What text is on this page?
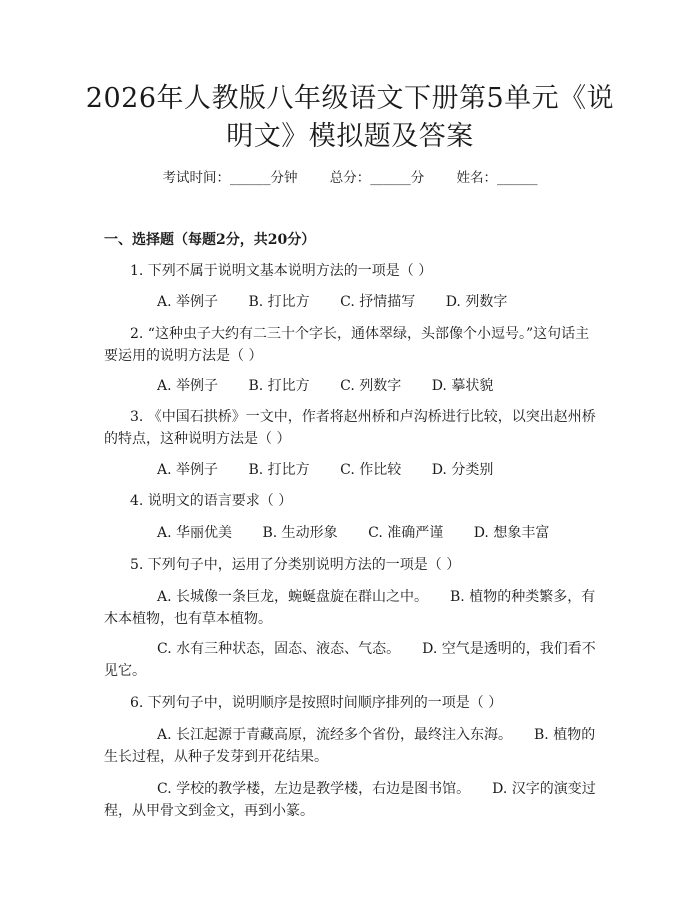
2026年人教版八年级语文下册第5单元《说明文》模拟题及答案
考试时间：______分钟 总分：______分 姓名：______
一、选择题（每题2分，共20分）
1. 下列不属于说明文基本说明方法的一项是（ ）
A. 举例子 B. 打比方 C. 抒情描写 D. 列数字
2. “这种虫子大约有二三十个字长，通体翠绿，头部像个小逗号。”这句话主要运用的说明方法是（ ）
A. 举例子 B. 打比方 C. 列数字 D. 摹状貌
3. 《中国石拱桥》一文中，作者将赵州桥和卢沟桥进行比较，以突出赵州桥的特点，这种说明方法是（ ）
A. 举例子 B. 打比方 C. 作比较 D. 分类别
4. 说明文的语言要求（ ）
A. 华丽优美 B. 生动形象 C. 准确严谨 D. 想象丰富
5. 下列句子中，运用了分类别说明方法的一项是（ ）
A. 长城像一条巨龙，蜿蜒盘旋在群山之中。 B. 植物的种类繁多，有木本植物，也有草本植物。
C. 水有三种状态，固态、液态、气态。 D. 空气是透明的，我们看不见它。
6. 下列句子中，说明顺序是按照时间顺序排列的一项是（ ）
A. 长江起源于青藏高原，流经多个省份，最终注入东海。 B. 植物的生长过程，从种子发芽到开花结果。
C. 学校的教学楼，左边是教学楼，右边是图书馆。 D. 汉字的演变过程，从甲骨文到金文，再到小篆。
